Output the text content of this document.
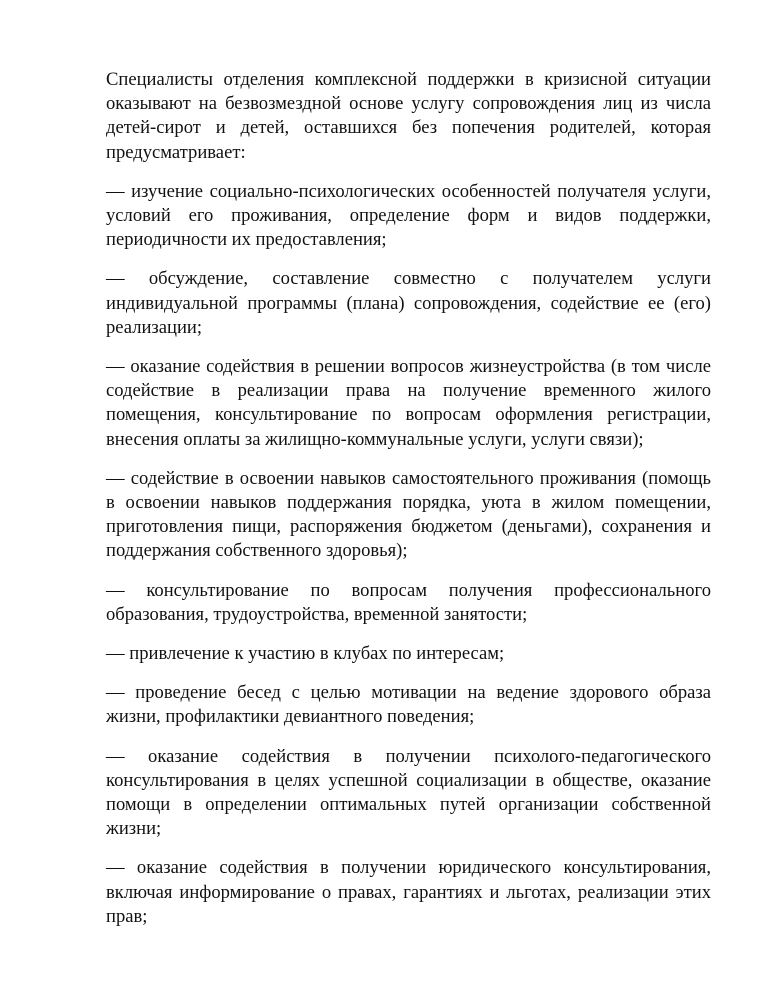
Специалисты отделения комплексной поддержки в кризисной ситуации оказывают на безвозмездной основе услугу сопровождения лиц из числа детей-сирот и детей, оставшихся без попечения родителей, которая предусматривает:

— изучение социально-психологических особенностей получателя услуги, условий его проживания, определение форм и видов поддержки, периодичности их предоставления;

— обсуждение, составление совместно с получателем услуги индивидуальной программы (плана) сопровождения, содействие ее (его) реализации;

— оказание содействия в решении вопросов жизнеустройства (в том числе содействие в реализации права на получение временного жилого помещения, консультирование по вопросам оформления регистрации, внесения оплаты за жилищно-коммунальные услуги, услуги связи);

— содействие в освоении навыков самостоятельного проживания (помощь в освоении навыков поддержания порядка, уюта в жилом помещении, приготовления пищи, распоряжения бюджетом (деньгами), сохранения и поддержания собственного здоровья);

— консультирование по вопросам получения профессионального образования, трудоустройства, временной занятости;

— привлечение к участию в клубах по интересам;

— проведение бесед с целью мотивации на ведение здорового образа жизни, профилактики девиантного поведения;

— оказание содействия в получении психолого-педагогического консультирования в целях успешной социализации в обществе, оказание помощи в определении оптимальных путей организации собственной жизни;

— оказание содействия в получении юридического консультирования, включая информирование о правах, гарантиях и льготах, реализации этих прав;
